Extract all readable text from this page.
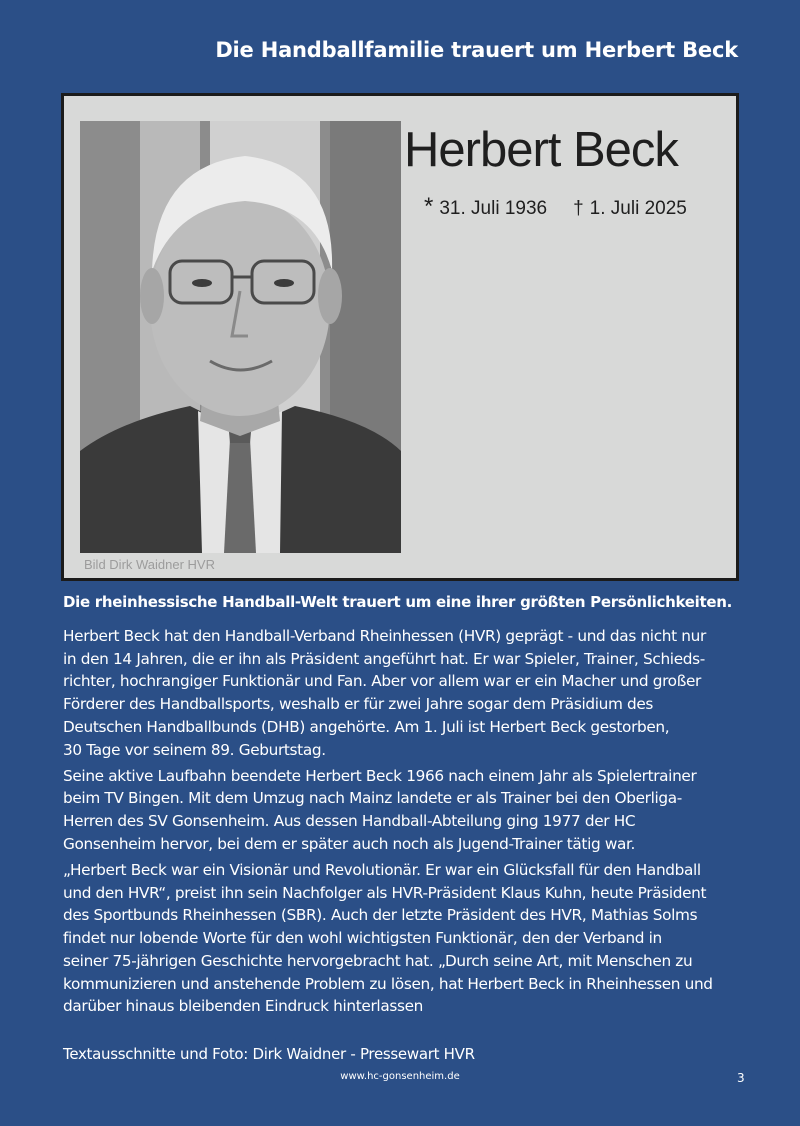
Die Handballfamilie trauert um Herbert Beck
Bild Dirk Waidner HVR
Herbert Beck
* 31. Juli 1936 † 1. Juli 2025
Die rheinhessische Handball-Welt trauert um eine ihrer größten Persönlichkeiten.

Herbert Beck hat den Handball-Verband Rheinhessen (HVR) geprägt - und das nicht nur
in den 14 Jahren, die er ihn als Präsident angeführt hat. Er war Spieler, Trainer, Schieds-
richter, hochrangiger Funktionär und Fan. Aber vor allem war er ein Macher und großer
Förderer des Handballsports, weshalb er für zwei Jahre sogar dem Präsidium des
Deutschen Handballbunds (DHB) angehörte. Am 1. Juli ist Herbert Beck gestorben,
30 Tage vor seinem 89. Geburtstag.

Seine aktive Laufbahn beendete Herbert Beck 1966 nach einem Jahr als Spielertrainer
beim TV Bingen. Mit dem Umzug nach Mainz landete er als Trainer bei den Oberliga-
Herren des SV Gonsenheim. Aus dessen Handball-Abteilung ging 1977 der HC
Gonsenheim hervor, bei dem er später auch noch als Jugend-Trainer tätig war.

„Herbert Beck war ein Visionär und Revolutionär. Er war ein Glücksfall für den Handball
und den HVR“, preist ihn sein Nachfolger als HVR-Präsident Klaus Kuhn, heute Präsident
des Sportbunds Rheinhessen (SBR). Auch der letzte Präsident des HVR, Mathias Solms
findet nur lobende Worte für den wohl wichtigsten Funktionär, den der Verband in
seiner 75-jährigen Geschichte hervorgebracht hat. „Durch seine Art, mit Menschen zu
kommunizieren und anstehende Problem zu lösen, hat Herbert Beck in Rheinhessen und
darüber hinaus bleibenden Eindruck hinterlassen

Textausschnitte und Foto: Dirk Waidner - Pressewart HVR
www.hc-gonsenheim.de	3
